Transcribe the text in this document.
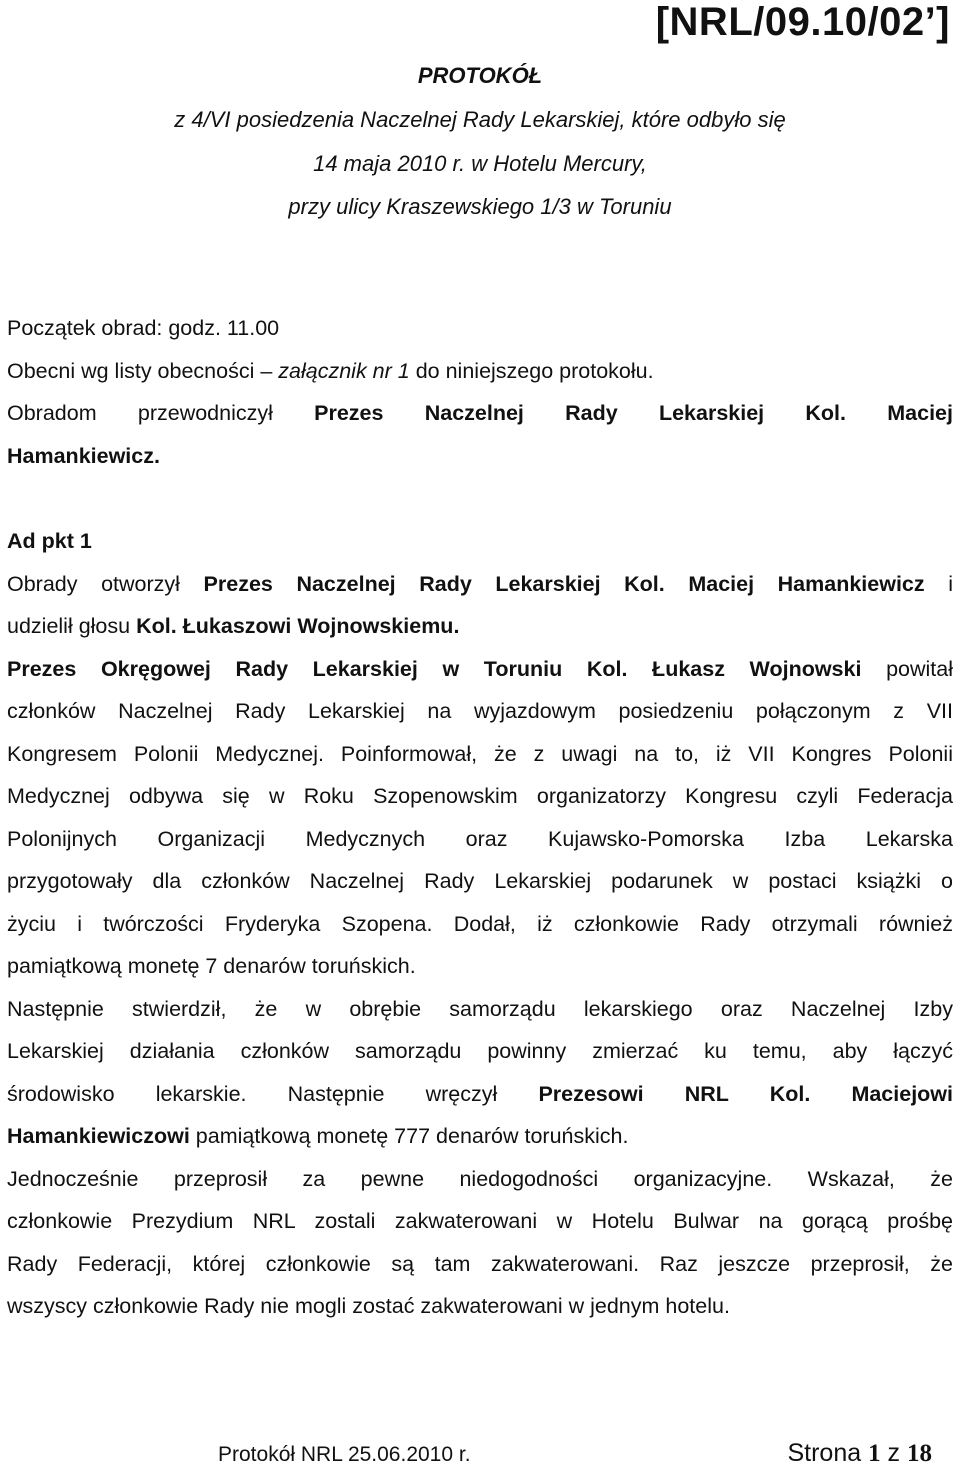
[NRL/09.10/02’]
PROTOKÓŁ
z 4/VI posiedzenia Naczelnej Rady Lekarskiej, które odbyło się
14 maja 2010 r. w Hotelu Mercury,
przy ulicy Kraszewskiego 1/3 w Toruniu
Początek obrad: godz. 11.00
Obecni wg listy obecności – załącznik nr 1 do niniejszego protokołu.
Obradom przewodniczył Prezes Naczelnej Rady Lekarskiej Kol. Maciej
Hamankiewicz.
Ad pkt 1
Obrady otworzył Prezes Naczelnej Rady Lekarskiej Kol. Maciej Hamankiewicz i
udzielił głosu Kol. Łukaszowi Wojnowskiemu.
Prezes Okręgowej Rady Lekarskiej w Toruniu Kol. Łukasz Wojnowski powitał
członków Naczelnej Rady Lekarskiej na wyjazdowym posiedzeniu połączonym z VII
Kongresem Polonii Medycznej. Poinformował, że z uwagi na to, iż VII Kongres Polonii
Medycznej odbywa się w Roku Szopenowskim organizatorzy Kongresu czyli Federacja
Polonijnych Organizacji Medycznych oraz Kujawsko-Pomorska Izba Lekarska
przygotowały dla członków Naczelnej Rady Lekarskiej podarunek w postaci książki o
życiu i twórczości Fryderyka Szopena. Dodał, iż członkowie Rady otrzymali również
pamiątkową monetę 7 denarów toruńskich.
Następnie stwierdził, że w obrębie samorządu lekarskiego oraz Naczelnej Izby
Lekarskiej działania członków samorządu powinny zmierzać ku temu, aby łączyć
środowisko lekarskie. Następnie wręczył Prezesowi NRL Kol. Maciejowi
Hamankiewiczowi pamiątkową monetę 777 denarów toruńskich.
Jednocześnie przeprosił za pewne niedogodności organizacyjne. Wskazał, że
członkowie Prezydium NRL zostali zakwaterowani w Hotelu Bulwar na gorącą prośbę
Rady Federacji, której członkowie są tam zakwaterowani. Raz jeszcze przeprosił, że
wszyscy członkowie Rady nie mogli zostać zakwaterowani w jednym hotelu.
Protokół NRL 25.06.2010 r.	Strona 1 z 18
